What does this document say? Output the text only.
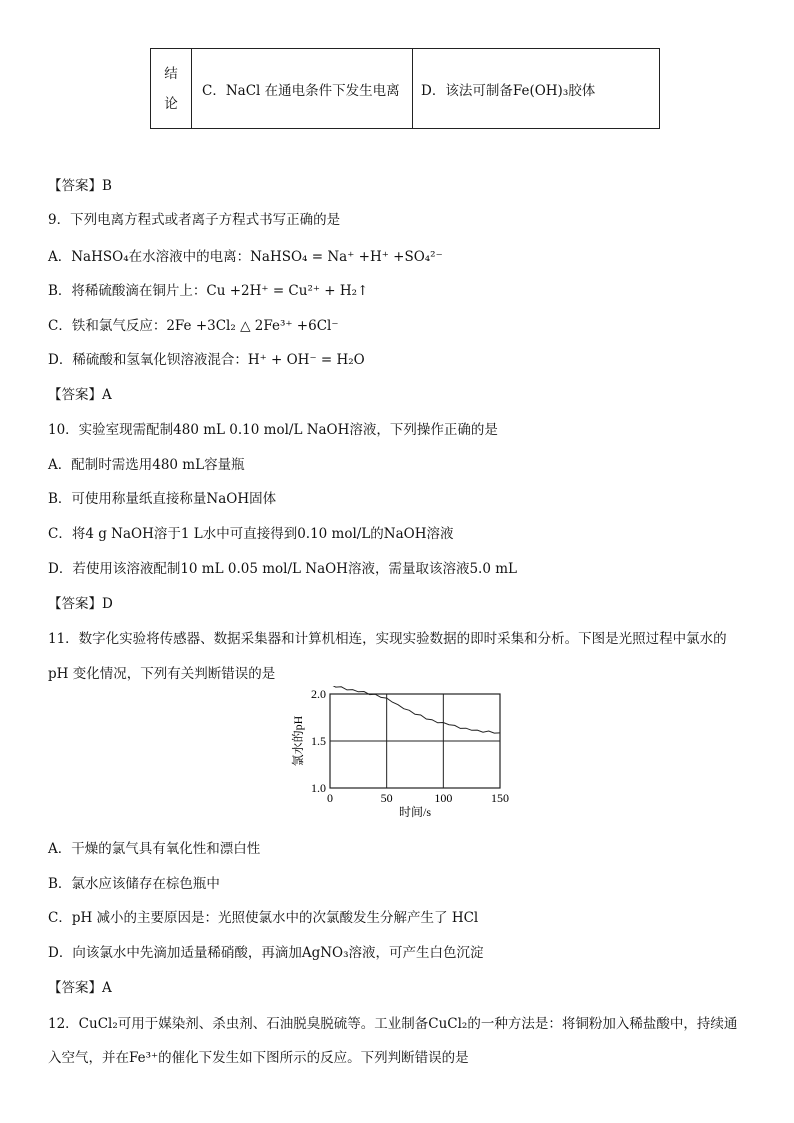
结
论
	C．NaCl 在通电条件下发生电离	D．该法可制备Fe(OH)₃胶体
【答案】B
9．下列电离方程式或者离子方程式书写正确的是
A．NaHSO₄在水溶液中的电离：NaHSO₄ = Na⁺ +H⁺ +SO₄²⁻
B．将稀硫酸滴在铜片上：Cu +2H⁺ = Cu²⁺ + H₂↑
C．铁和氯气反应：2Fe +3Cl₂ △ 2Fe³⁺ +6Cl⁻
D．稀硫酸和氢氧化钡溶液混合：H⁺ + OH⁻ = H₂O
【答案】A
10．实验室现需配制480 mL 0.10 mol/L NaOH溶液，下列操作正确的是
A．配制时需选用480 mL容量瓶
B．可使用称量纸直接称量NaOH固体
C．将4 g NaOH溶于1 L水中可直接得到0.10 mol/L的NaOH溶液
D．若使用该溶液配制10 mL 0.05 mol/L NaOH溶液，需量取该溶液5.0 mL
【答案】D
11．数字化实验将传感器、数据采集器和计算机相连，实现实验数据的即时采集和分析。下图是光照过程中氯水的
pH 变化情况，下列有关判断错误的是
1.0
1.5
2.0
0	50	100	150
时间/s
氯水的pH
A．干燥的氯气具有氧化性和漂白性
B．氯水应该储存在棕色瓶中
C．pH 减小的主要原因是：光照使氯水中的次氯酸发生分解产生了 HCl
D．向该氯水中先滴加适量稀硝酸，再滴加AgNO₃溶液，可产生白色沉淀
【答案】A
12．CuCl₂可用于媒染剂、杀虫剂、石油脱臭脱硫等。工业制备CuCl₂的一种方法是：将铜粉加入稀盐酸中，持续通
入空气，并在Fe³⁺的催化下发生如下图所示的反应。下列判断错误的是
